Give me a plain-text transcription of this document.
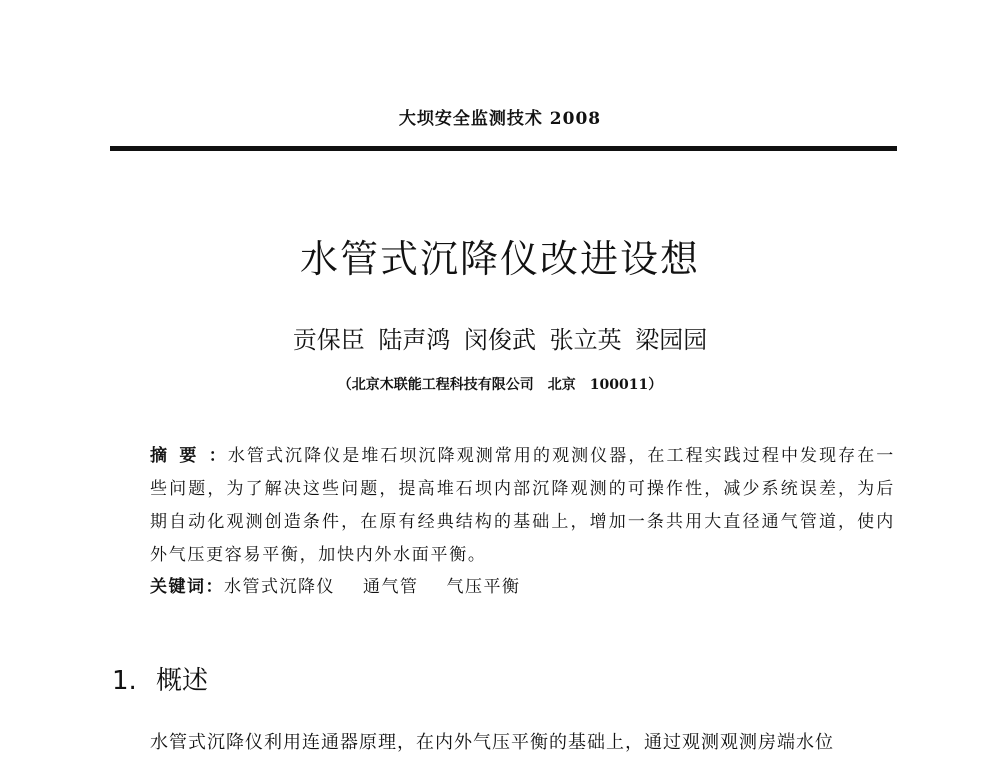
大坝安全监测技术 2008
水管式沉降仪改进设想
贡保臣 陆声鸿 闵俊武 张立英 梁园园
（北京木联能工程科技有限公司　北京　100011）
摘要：水管式沉降仪是堆石坝沉降观测常用的观测仪器，在工程实践过程中发现存在一些问题，为了解决这些问题，提高堆石坝内部沉降观测的可操作性，减少系统误差，为后期自动化观测创造条件，在原有经典结构的基础上，增加一条共用大直径通气管道，使内外气压更容易平衡，加快内外水面平衡。
关键词：水管式沉降仪 通气管 气压平衡
1. 概述
水管式沉降仪利用连通器原理，在内外气压平衡的基础上，通过观测观测房端水位
